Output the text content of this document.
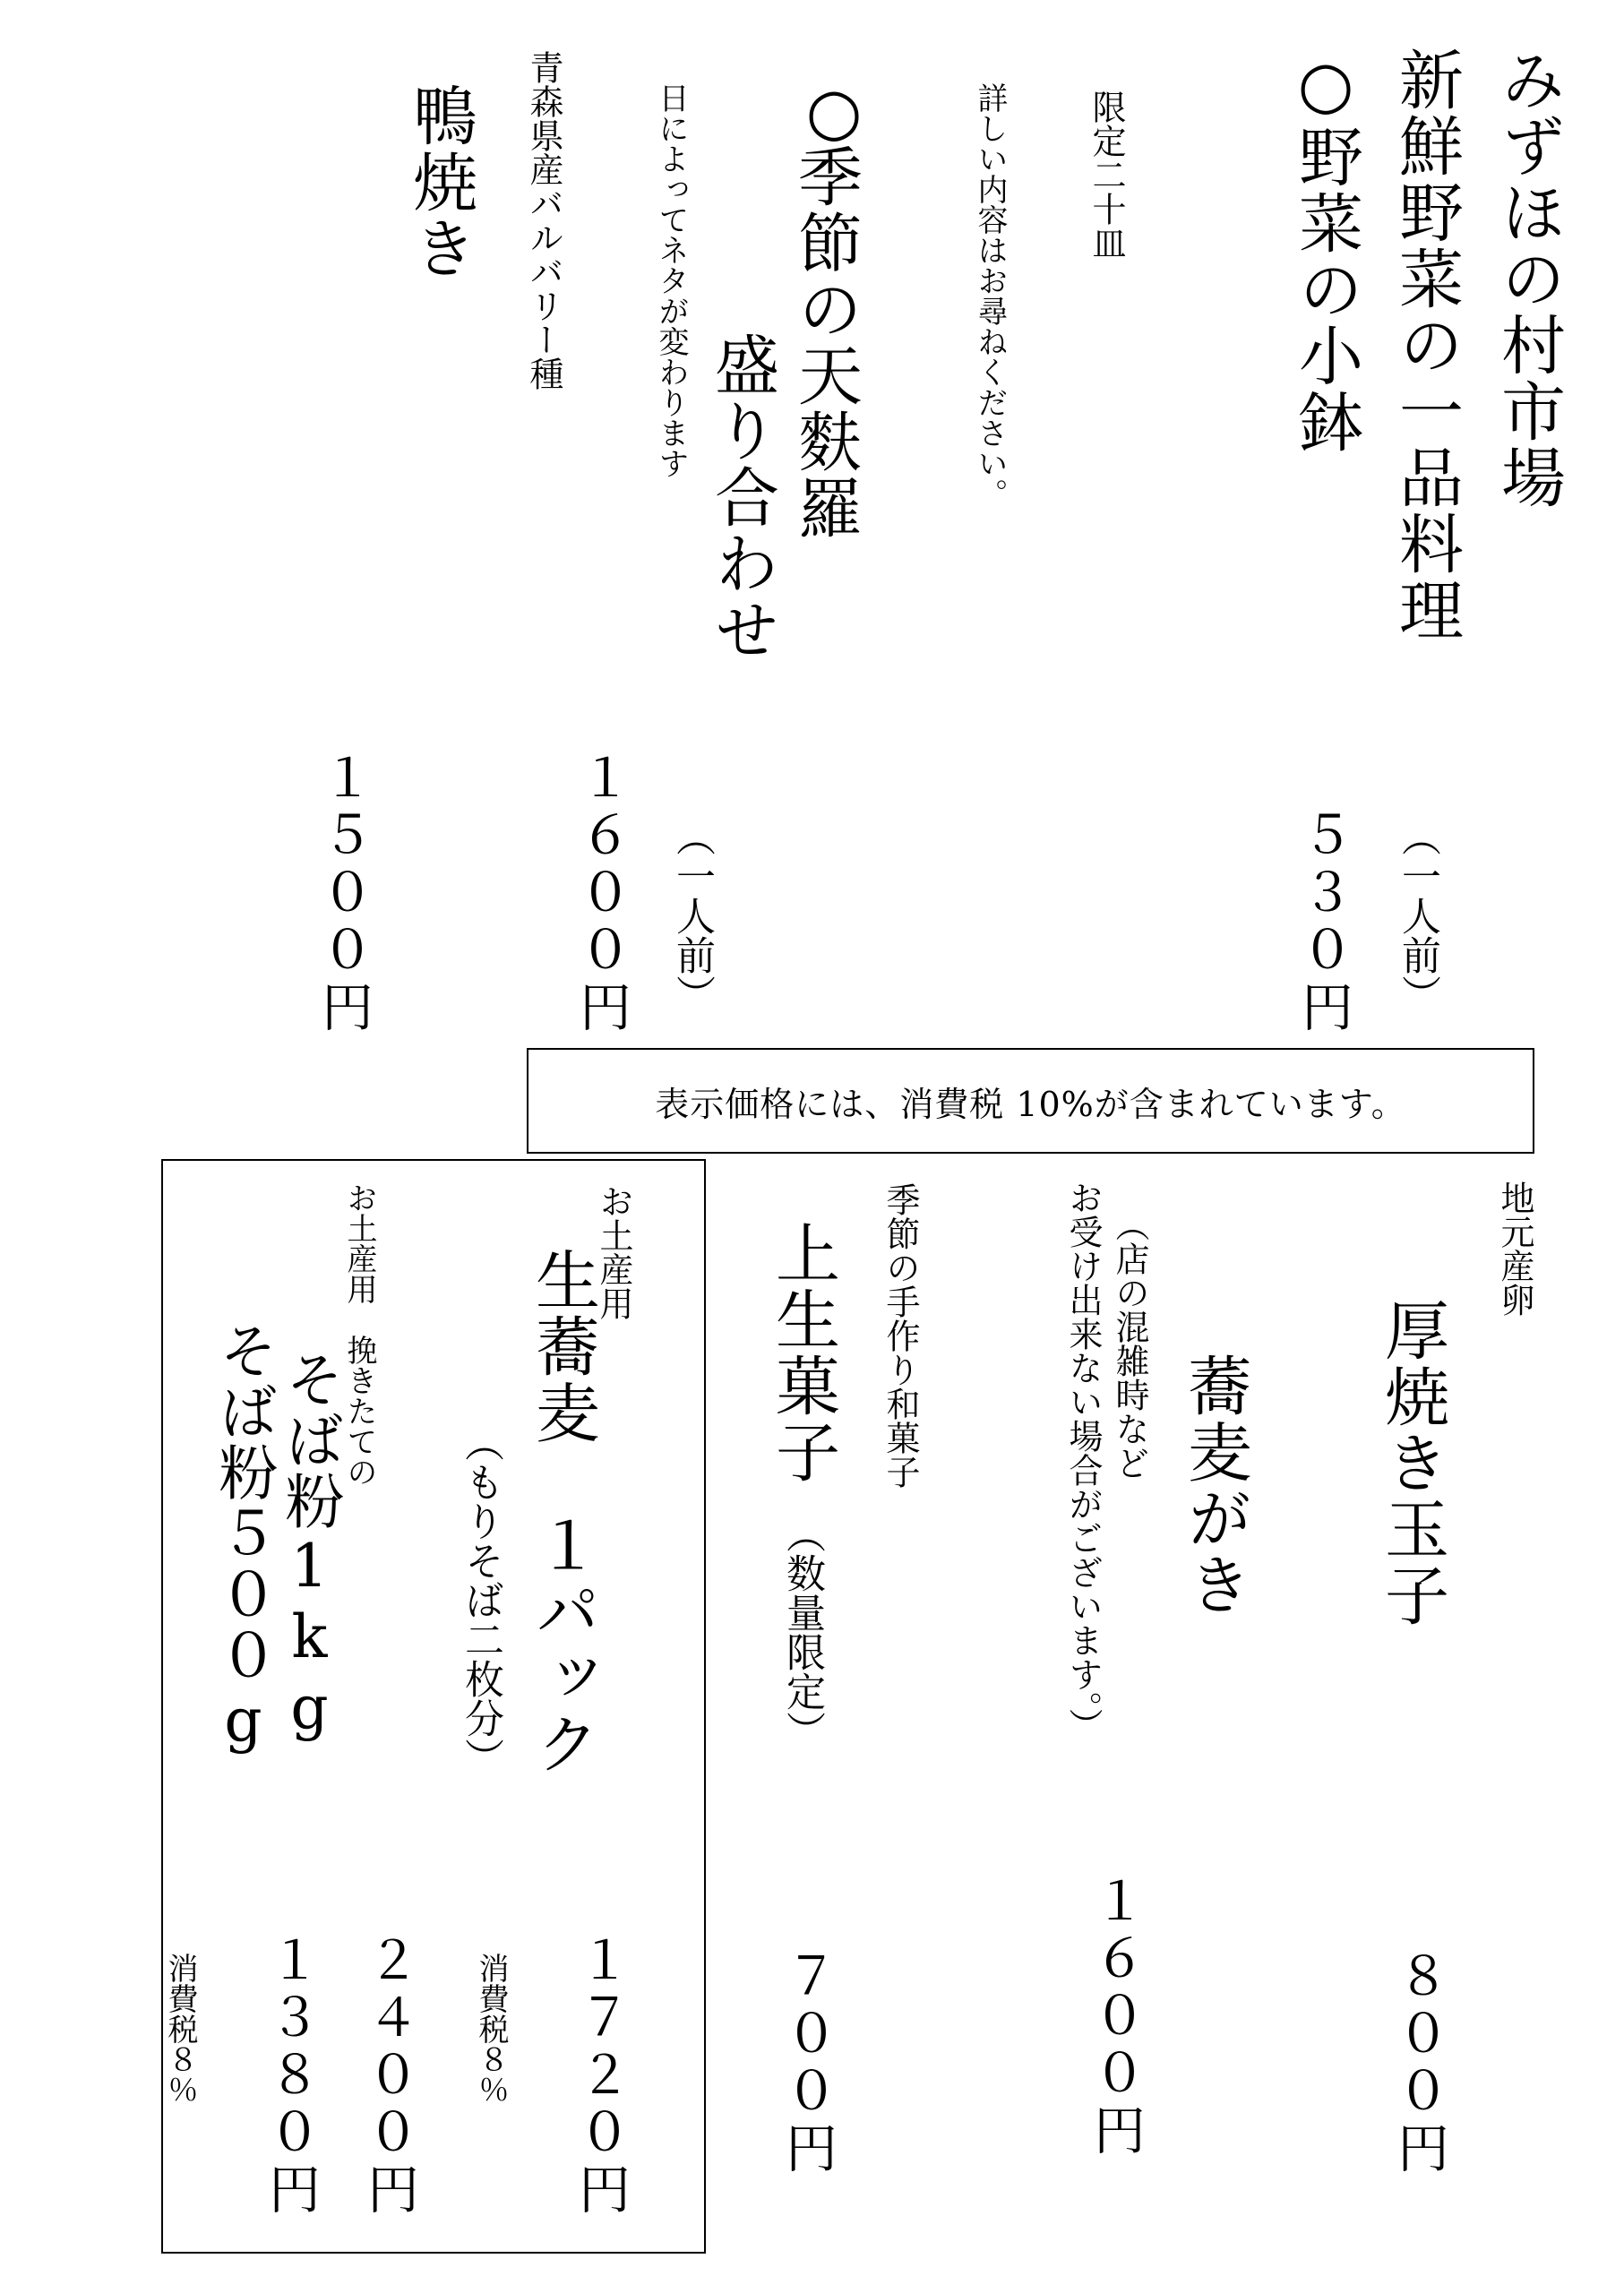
みずほの村市場
新鮮野菜の一品料理
○野菜の小鉢
限定二十皿
詳しい内容はお尋ねください。
（一人前）
５３０円
○
季節の天麩羅
盛り合わせ
日によってネタが変わります
（一人前）
１６００円
青森県産バルバリー種
鴨焼き
１５００円
表示価格には、消費税 10%が含まれています。
地元産卵
厚焼き玉子
８００円
（店の混雑時など
お受け出来ない場合がございます。） 蕎麦がき
１６００円
季節の手作り和菓子
上生菓子
（数量限定）
７００円
お土産用
生蕎麦　１パック
（もりそば二枚分）
１７２０円
消費税８％
お土産用　挽きたての
そば粉1kg
そば粉５００g
２４００円
１３８０円
消費税８％
